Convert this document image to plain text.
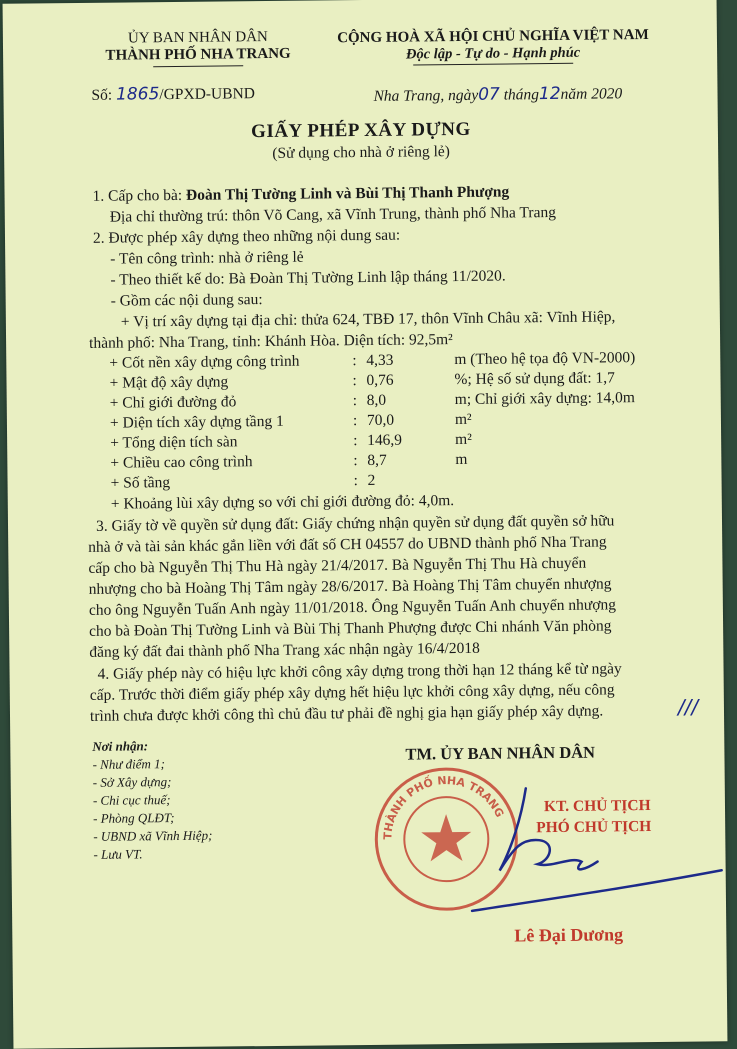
ỦY BAN NHÂN DÂN
THÀNH PHỐ NHA TRANG
CỘNG HOÀ XÃ HỘI CHỦ NGHĨA VIỆT NAM
Độc lập - Tự do - Hạnh phúc
Số: 1865/GPXD-UBND	Nha Trang, ngày07 tháng12năm 2020
GIẤY PHÉP XÂY DỰNG
(Sử dụng cho nhà ở riêng lẻ)
1. Cấp cho bà: Đoàn Thị Tường Linh và Bùi Thị Thanh Phượng
Địa chỉ thường trú: thôn Võ Cang, xã Vĩnh Trung, thành phố Nha Trang
2. Được phép xây dựng theo những nội dung sau:
- Tên công trình: nhà ở riêng lẻ
- Theo thiết kế do: Bà Đoàn Thị Tường Linh lập tháng 11/2020.
- Gồm các nội dung sau:
+ Vị trí xây dựng tại địa chỉ: thửa 624, TBĐ 17, thôn Vĩnh Châu xã: Vĩnh Hiệp,
thành phố: Nha Trang, tỉnh: Khánh Hòa. Diện tích: 92,5m²
+ Cốt nền xây dựng công trình	: 4,33	m (Theo hệ tọa độ VN-2000)
+ Mật độ xây dựng	: 0,76	%; Hệ số sử dụng đất: 1,7
+ Chỉ giới đường đỏ	: 8,0	m; Chỉ giới xây dựng: 14,0m
+ Diện tích xây dựng tầng 1	: 70,0	m²
+ Tổng diện tích sàn	: 146,9	m²
+ Chiều cao công trình	: 8,7	m
+ Số tầng	: 2
+ Khoảng lùi xây dựng so với chỉ giới đường đỏ: 4,0m.
3. Giấy tờ về quyền sử dụng đất: Giấy chứng nhận quyền sử dụng đất quyền sở hữu
nhà ở và tài sản khác gắn liền với đất số CH 04557 do UBND thành phố Nha Trang
cấp cho bà Nguyễn Thị Thu Hà ngày 21/4/2017. Bà Nguyễn Thị Thu Hà chuyển
nhượng cho bà Hoàng Thị Tâm ngày 28/6/2017. Bà Hoàng Thị Tâm chuyển nhượng
cho ông Nguyễn Tuấn Anh ngày 11/01/2018. Ông Nguyễn Tuấn Anh chuyển nhượng
cho bà Đoàn Thị Tường Linh và Bùi Thị Thanh Phượng được Chi nhánh Văn phòng
đăng ký đất đai thành phố Nha Trang xác nhận ngày 16/4/2018
4. Giấy phép này có hiệu lực khởi công xây dựng trong thời hạn 12 tháng kể từ ngày
cấp. Trước thời điểm giấy phép xây dựng hết hiệu lực khởi công xây dựng, nếu công
trình chưa được khởi công thì chủ đầu tư phải đề nghị gia hạn giấy phép xây dựng.	///
Nơi nhận:
- Như điểm 1;
- Sở Xây dựng;
- Chi cục thuế;
- Phòng QLĐT;
- UBND xã Vĩnh Hiệp;
- Lưu VT.
TM. ỦY BAN NHÂN DÂN
THÀNH PHỐ NHA TRANG KT. CHỦ TỊCH
PHÓ CHỦ TỊCH
Lê Đại Dương
